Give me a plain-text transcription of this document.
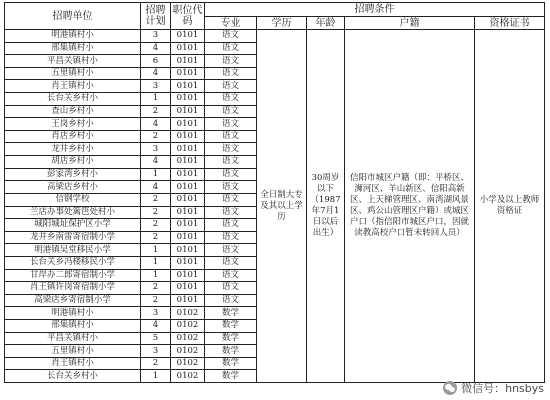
招聘单位	招聘计划	职位代码	招聘条件				
			专业	学历	年龄	户籍	资格证书
明港镇村小	3	0101	语文	全日制大专及其以上学历	30周岁以下（1987年7月1日以后出生）	信阳市城区户籍（即：平桥区、浉河区、羊山新区、信阳高新区、上天梯管理区、南湾湖风景区、鸡公山管理区户籍）或城区户口（指信阳市城区户口，因就读教高校户口暂未转回人员）	小学及以上教师资格证
邢集镇村小	4	0101	语文				
平昌关镇村小	6	0101	语文				
五里镇村小	4	0101	语文				
肖王镇村小	3	0101	语文				
长台关乡村小	1	0101	语文				
查山乡村小	2	0101	语文				
王岗乡村小	4	0101	语文				
肖店乡村小	2	0101	语文				
龙井乡村小	3	0101	语文				
胡店乡村小	4	0101	语文				
彭家湾乡村小	1	0101	语文				
高梁店乡村小	4	0101	语文				
信钢学校	2	0101	语文				
兰店办事处篱笆处村小	2	0101	语文				
城阳城址保护区小学	2	0101	语文				
龙井乡南雷寄宿制小学	2	0101	语文				
明港镇吴堂移民小学	1	0101	语文				
长台关乡冯楼移民小学	1	0101	语文				
甘岸办二郎寄宿制小学	1	0101	语文				
肖王镇许岗寄宿制小学	2	0101	语文				
高梁店乡寄宿制小学	2	0101	语文				
明港镇村小	3	0102	数学				
邢集镇村小	4	0102	数学				
平昌关镇村小	5	0102	数学				
五里镇村小	3	0102	数学				
肖王镇村小	2	0102	数学				
长台关乡村小	1	0102	数学				
微信号：hnsbys
